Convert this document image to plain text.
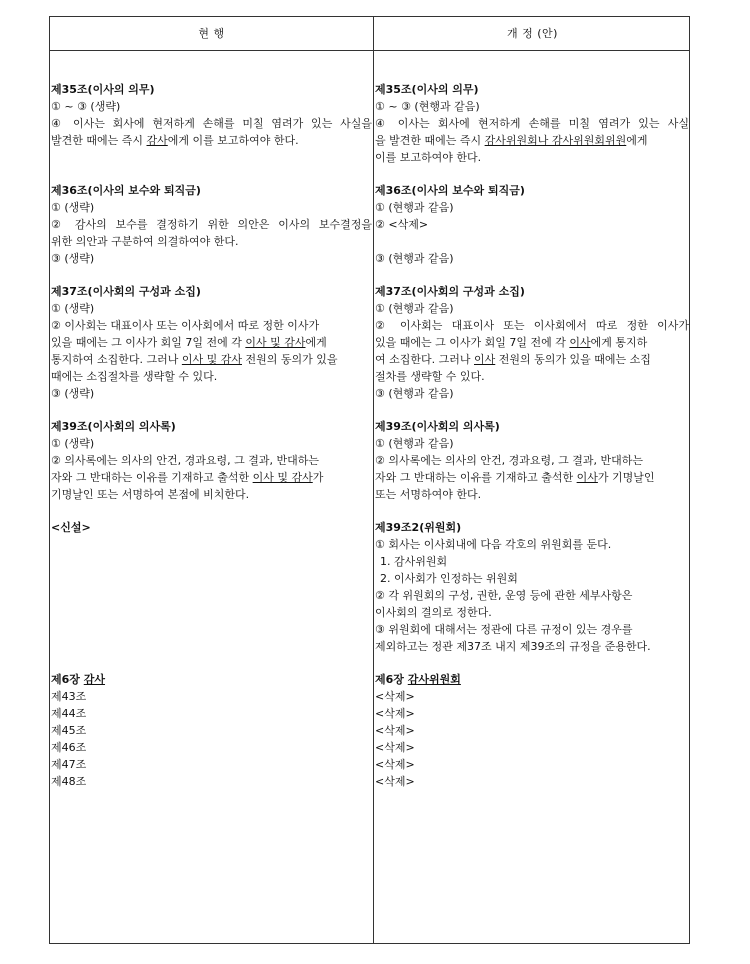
현 행	개 정 (안)
제35조(이사의 의무)
① ~ ③ (생략)
④ 이사는 회사에 현저하게 손해를 미칠 염려가 있는 사실을
발견한 때에는 즉시 감사에게 이를 보고하여야 한다.
제36조(이사의 보수와 퇴직금)
① (생략)
② 감사의 보수를 결정하기 위한 의안은 이사의 보수결정을
위한 의안과 구분하여 의결하여야 한다.
③ (생략)
제37조(이사회의 구성과 소집)
① (생략)
② 이사회는 대표이사 또는 이사회에서 따로 정한 이사가
있을 때에는 그 이사가 회일 7일 전에 각 이사 및 감사에게
통지하여 소집한다. 그러나 이사 및 감사 전원의 동의가 있을
때에는 소집절차를 생략할 수 있다.
③ (생략)
제39조(이사회의 의사록)
① (생략)
② 의사록에는 의사의 안건, 경과요령, 그 결과, 반대하는
자와 그 반대하는 이유를 기재하고 출석한 이사 및 감사가
기명날인 또는 서명하여 본점에 비치한다.
<신설>
제6장 감사
제43조
제44조
제45조
제46조
제47조
제48조
제35조(이사의 의무)
① ~ ③ (현행과 같음)
④ 이사는 회사에 현저하게 손해를 미칠 염려가 있는 사실
을 발견한 때에는 즉시 감사위원회나 감사위원회위원에게
이를 보고하여야 한다.
제36조(이사의 보수와 퇴직금)
① (현행과 같음)
② <삭제>
③ (현행과 같음)
제37조(이사회의 구성과 소집)
① (현행과 같음)
② 이사회는 대표이사 또는 이사회에서 따로 정한 이사가
있을 때에는 그 이사가 회일 7일 전에 각 이사에게 통지하
여 소집한다. 그러나 이사 전원의 동의가 있을 때에는 소집
절차를 생략할 수 있다.
③ (현행과 같음)
제39조(이사회의 의사록)
① (현행과 같음)
② 의사록에는 의사의 안건, 경과요령, 그 결과, 반대하는
자와 그 반대하는 이유를 기재하고 출석한 이사가 기명날인
또는 서명하여야 한다.
제39조2(위원회)
① 회사는 이사회내에 다음 각호의 위원회를 둔다.
1. 감사위원회
2. 이사회가 인정하는 위원회
② 각 위원회의 구성, 권한, 운영 등에 관한 세부사항은
이사회의 결의로 정한다.
③ 위원회에 대해서는 정관에 다른 규정이 있는 경우를
제외하고는 정관 제37조 내지 제39조의 규정을 준용한다.
제6장 감사위원회
<삭제>
<삭제>
<삭제>
<삭제>
<삭제>
<삭제>
